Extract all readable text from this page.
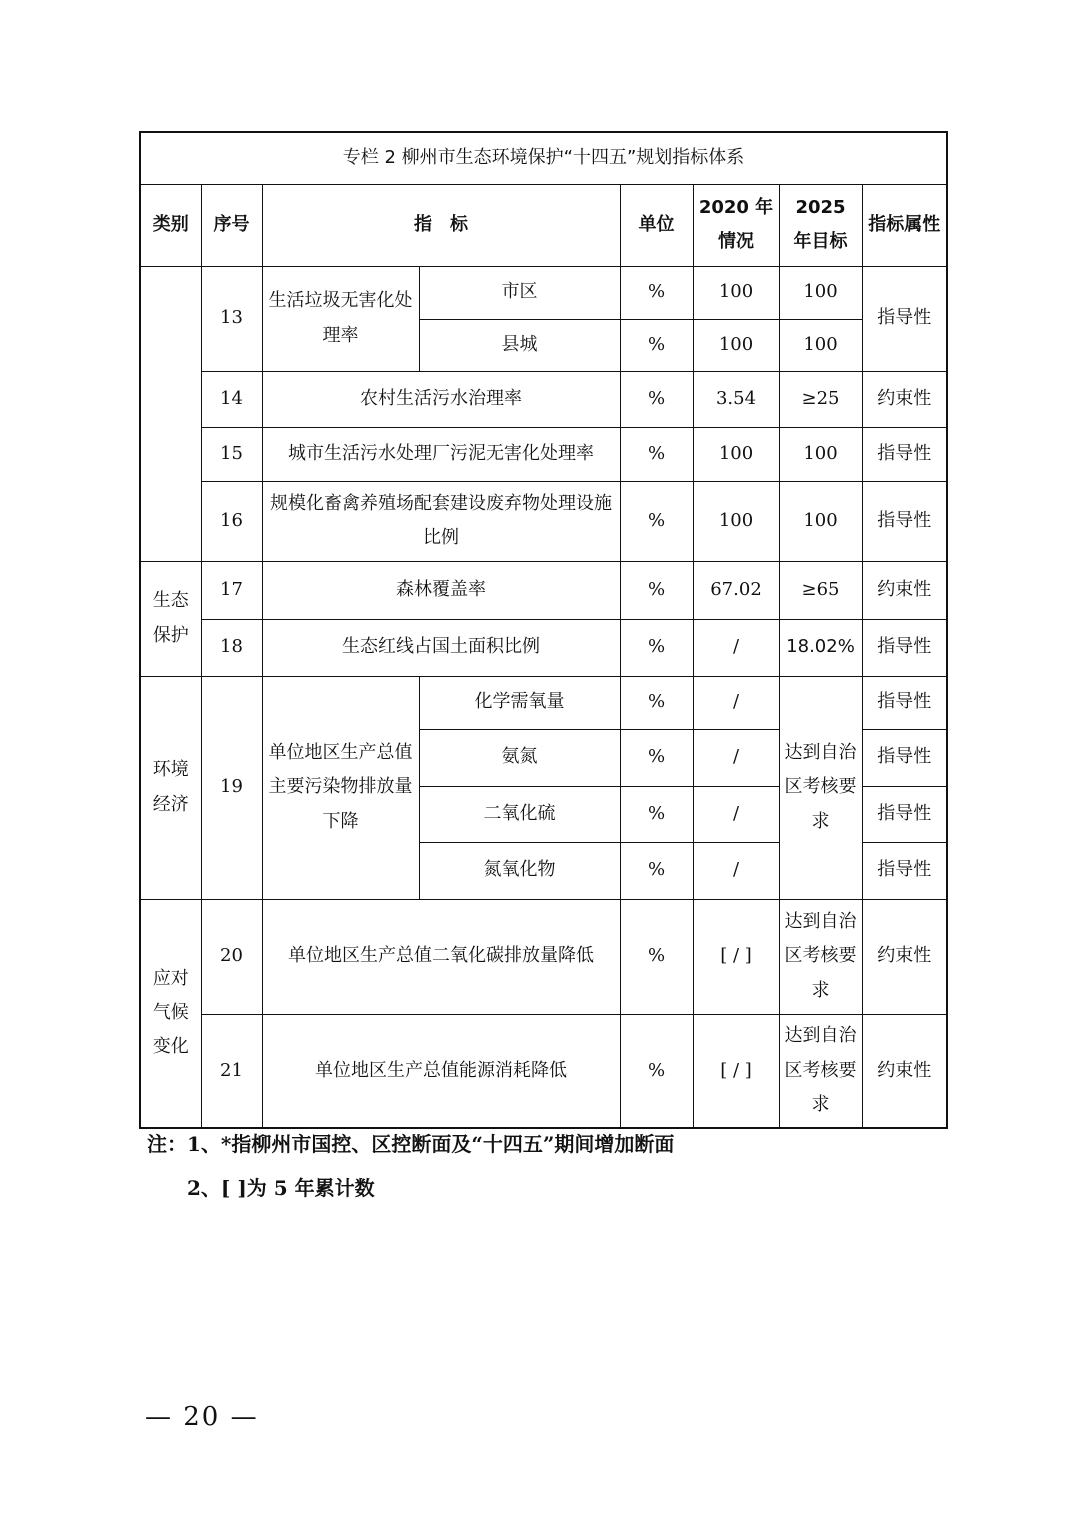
专栏 2 柳州市生态环境保护“十四五”规划指标体系							
类别	序号	指　标		单位	2020 年情况	2025 年目标	指标属性
	13	生活垃圾无害化处理率	市区	%	100	100	指导性
			县城	%	100	100	
	14	农村生活污水治理率		%	3.54	≥25	约束性
	15	城市生活污水处理厂污泥无害化处理率		%	100	100	指导性
	16	规模化畜禽养殖场配套建设废弃物处理设施比例		%	100	100	指导性
生态保护	17	森林覆盖率		%	67.02	≥65	约束性
	18	生态红线占国土面积比例		%	/	18.02%	指导性
环境经济	19	单位地区生产总值主要污染物排放量下降	化学需氧量	%	/	达到自治区考核要求	指导性
			氨氮	%	/		指导性
			二氧化硫	%	/		指导性
			氮氧化物	%	/		指导性
应对气候变化	20	单位地区生产总值二氧化碳排放量降低		%	[ / ]	达到自治区考核要求	约束性
	21	单位地区生产总值能源消耗降低		%	[ / ]	达到自治区考核要求	约束性
注：1、*指柳州市国控、区控断面及“十四五”期间增加断面
2、[ ]为 5 年累计数
— 20 —
